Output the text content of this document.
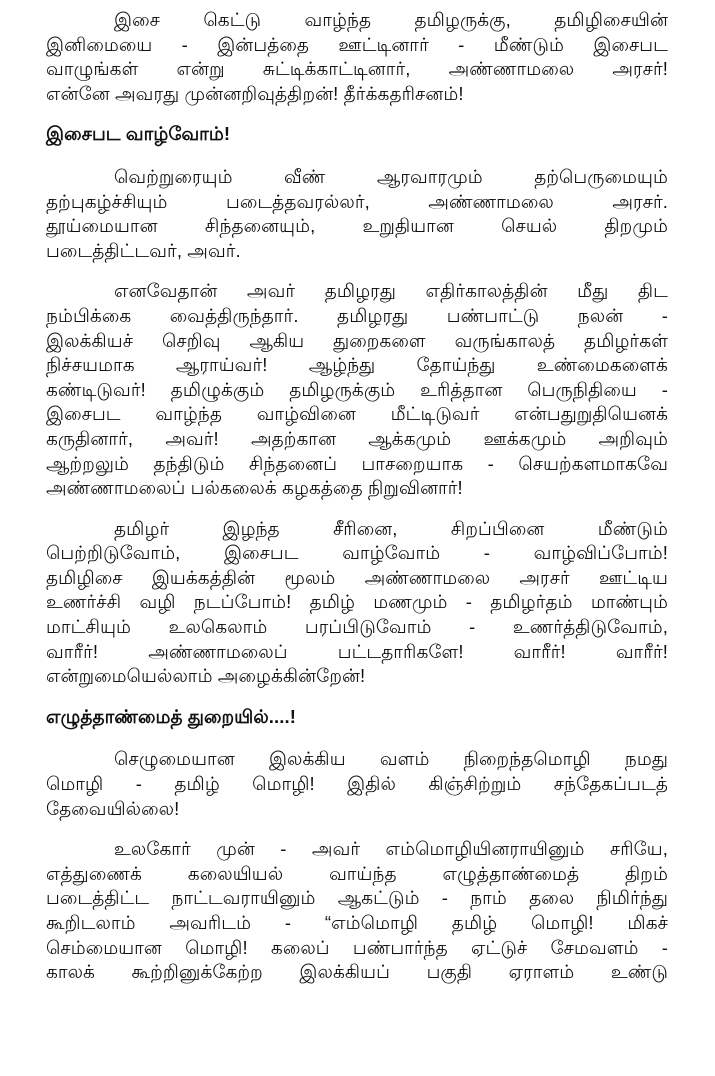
இசை கெட்டு வாழ்ந்த தமிழருக்கு, தமிழிசையின்
இனிமையை - இன்பத்தை ஊட்டினார் - மீண்டும் இசைபட
வாழுங்கள் என்று சுட்டிக்காட்டினார், அண்ணாமலை அரசர்!
என்னே அவரது முன்னறிவுத்திறன்! தீர்க்கதரிசனம்!
இசைபட வாழ்வோம்!
வெற்றுரையும் வீண் ஆரவாரமும் தற்பெருமையும்
தற்புகழ்ச்சியும் படைத்தவரல்லர், அண்ணாமலை அரசர்.
தூய்மையான சிந்தனையும், உறுதியான செயல் திறமும்
படைத்திட்டவர், அவர்.
எனவேதான் அவர் தமிழரது எதிர்காலத்தின் மீது திட
நம்பிக்கை வைத்திருந்தார். தமிழரது பண்பாட்டு நலன் -
இலக்கியச் செறிவு ஆகிய துறைகளை வருங்காலத் தமிழர்கள்
நிச்சயமாக ஆராய்வர்! ஆழ்ந்து தோய்ந்து உண்மைகளைக்
கண்டிடுவர்! தமிழுக்கும் தமிழருக்கும் உரித்தான பெருநிதியை -
இசைபட வாழ்ந்த வாழ்வினை மீட்டிடுவர் என்பதுறுதியெனக்
கருதினார், அவர்! அதற்கான ஆக்கமும் ஊக்கமும் அறிவும்
ஆற்றலும் தந்திடும் சிந்தனைப் பாசறையாக - செயற்களமாகவே
அண்ணாமலைப் பல்கலைக் கழகத்தை நிறுவினார்!
தமிழர் இழந்த சீரினை, சிறப்பினை மீண்டும்
பெற்றிடுவோம், இசைபட வாழ்வோம் - வாழ்விப்போம்!
தமிழிசை இயக்கத்தின் மூலம் அண்ணாமலை அரசர் ஊட்டிய
உணர்ச்சி வழி நடப்போம்! தமிழ் மணமும் - தமிழர்தம் மாண்பும்
மாட்சியும் உலகெலாம் பரப்பிடுவோம் - உணர்த்திடுவோம்,
வாரீர்! அண்ணாமலைப் பட்டதாரிகளே! வாரீர்! வாரீர்!
என்றுமையெல்லாம் அழைக்கின்றேன்!
எழுத்தாண்மைத் துறையில்....!
செழுமையான இலக்கிய வளம் நிறைந்தமொழி நமது
மொழி - தமிழ் மொழி! இதில் கிஞ்சிற்றும் சந்தேகப்படத்
தேவையில்லை!
உலகோர் முன் - அவர் எம்மொழியினராயினும் சரியே,
எத்துணைக் கலையியல் வாய்ந்த எழுத்தாண்மைத் திறம்
படைத்திட்ட நாட்டவராயினும் ஆகட்டும் - நாம் தலை நிமிர்ந்து
கூறிடலாம் அவரிடம் - “எம்மொழி தமிழ் மொழி! மிகச்
செம்மையான மொழி! கலைப் பண்பார்ந்த ஏட்டுச் சேமவளம் -
காலக் கூற்றினுக்கேற்ற இலக்கியப் பகுதி ஏராளம் உண்டு
